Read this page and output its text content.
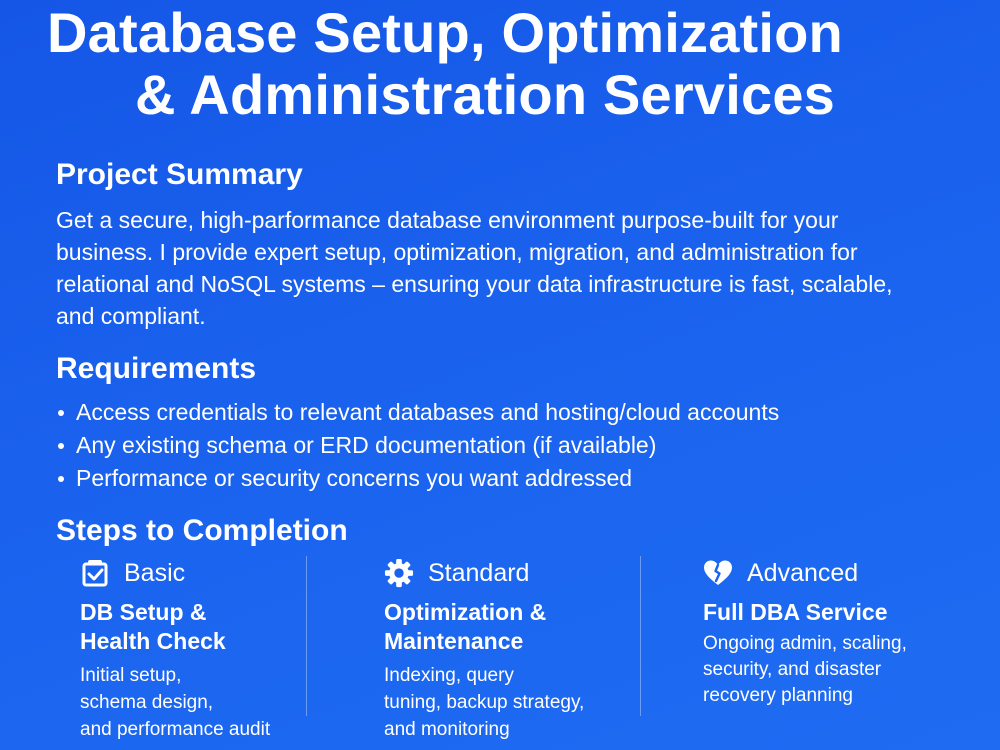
Database Setup, Optimization
& Administration Services
Project Summary

Get a secure, high-parformance database environment purpose-built for your business. I provide expert setup, optimization, migration, and administration for relational and NoSQL systems – ensuring your data infrastructure is fast, scalable, and compliant.

Requirements
Access credentials to relevant databases and hosting/cloud accounts
Any existing schema or ERD documentation (if available)
Performance or security concerns you want addressed
Steps to Completion
Basic
DB Setup &
Health Check
Initial setup,
schema design,
and performance audit
Standard
Optimization &
Maintenance
Indexing, query
tuning, backup strategy,
and monitoring
Advanced
Full DBA Service
Ongoing admin, scaling,
security, and disaster
recovery planning
